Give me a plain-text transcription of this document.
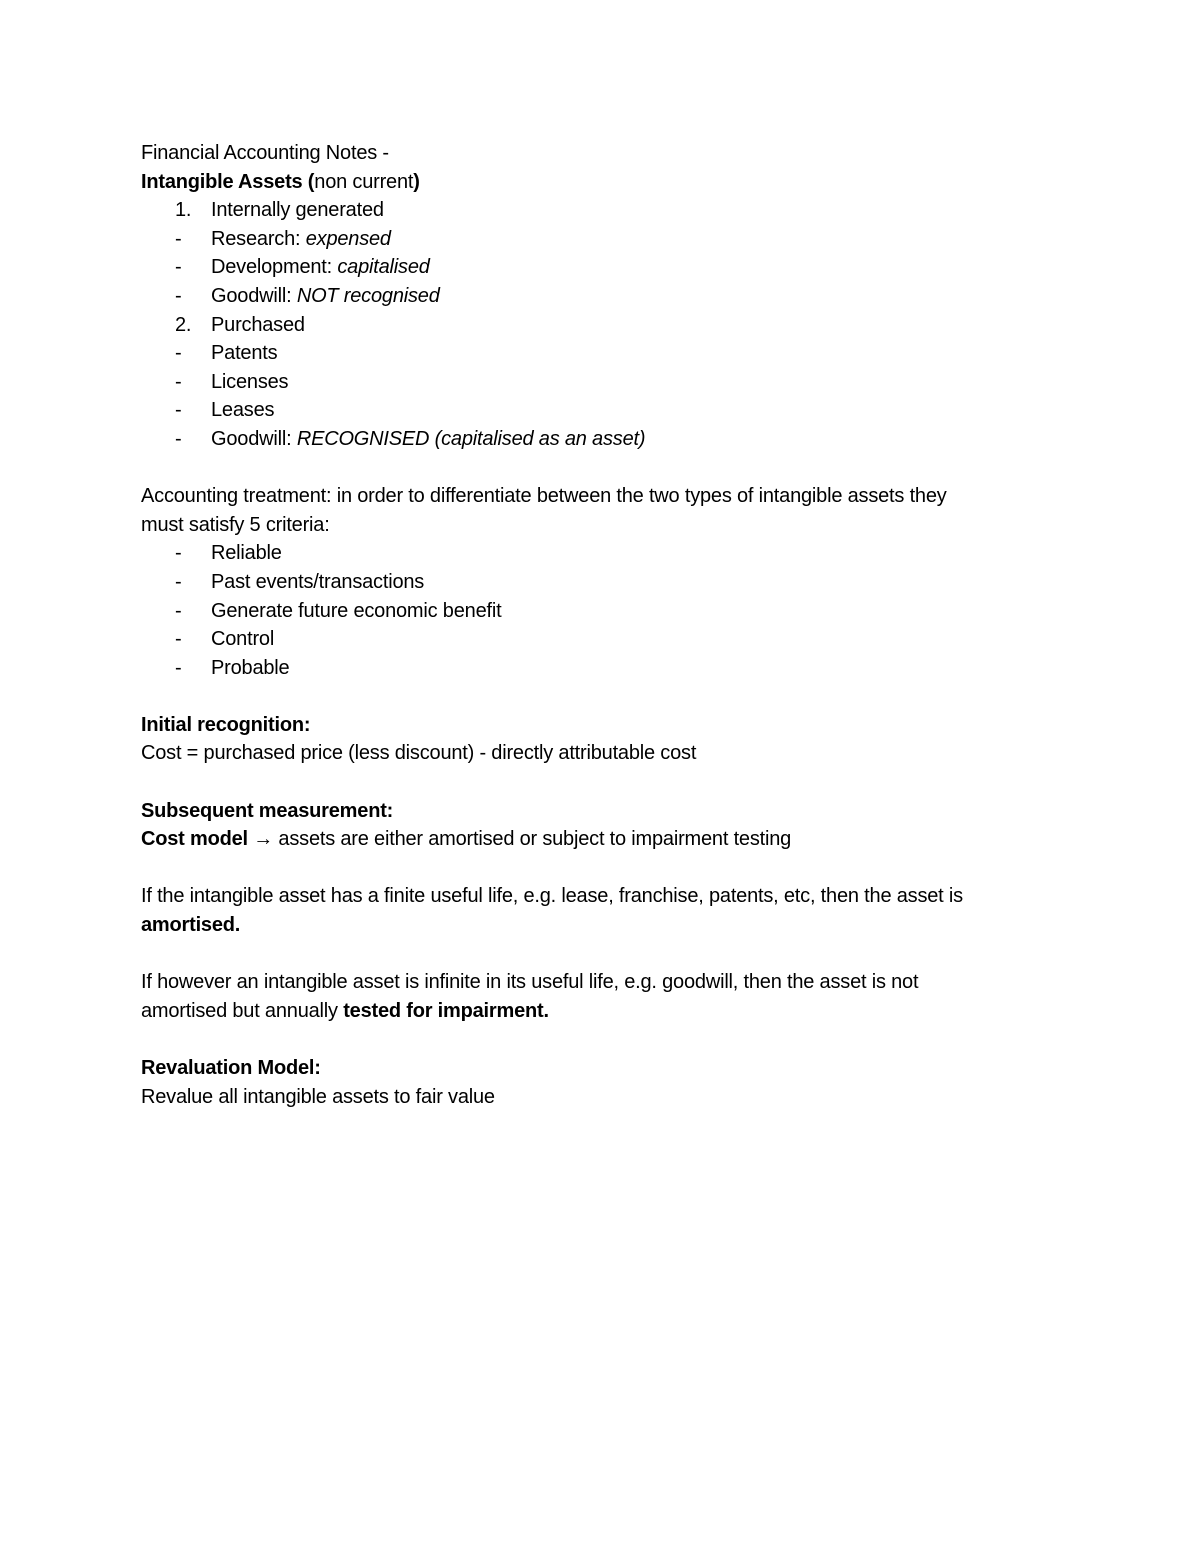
Financial Accounting Notes -
Intangible Assets (non current)
1. Internally generated
- Research: expensed
- Development: capitalised
- Goodwill: NOT recognised
2. Purchased
- Patents
- Licenses
- Leases
- Goodwill: RECOGNISED (capitalised as an asset)
Accounting treatment: in order to differentiate between the two types of intangible assets they
must satisfy 5 criteria:
- Reliable
- Past events/transactions
- Generate future economic benefit
- Control
- Probable
Initial recognition:
Cost = purchased price (less discount) - directly attributable cost
Subsequent measurement:
Cost model → assets are either amortised or subject to impairment testing
If the intangible asset has a finite useful life, e.g. lease, franchise, patents, etc, then the asset is
amortised.
If however an intangible asset is infinite in its useful life, e.g. goodwill, then the asset is not
amortised but annually tested for impairment.
Revaluation Model:
Revalue all intangible assets to fair value
